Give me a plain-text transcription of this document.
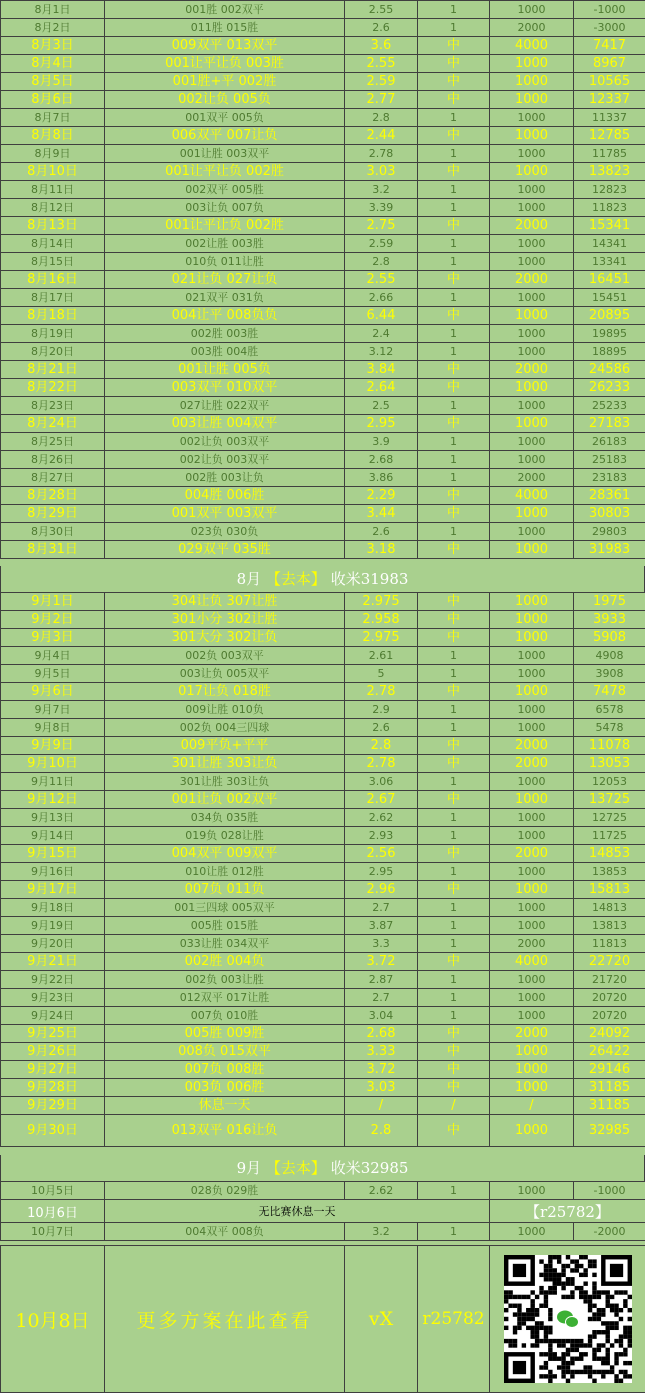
8月1日	001胜 002双平	2.55	1	1000	-1000
8月2日	011胜 015胜	2.6	1	2000	-3000
8月3日	009双平 013双平	3.6	中	4000	7417
8月4日	001让平让负 003胜	2.55	中	1000	8967
8月5日	001胜+平 002胜	2.59	中	1000	10565
8月6日	002让负 005负	2.77	中	1000	12337
8月7日	001双平 005负	2.8	1	1000	11337
8月8日	006双平 007让负	2.44	中	1000	12785
8月9日	001让胜 003双平	2.78	1	1000	11785
8月10日	001让平让负 002胜	3.03	中	1000	13823
8月11日	002双平 005胜	3.2	1	1000	12823
8月12日	003让负 007负	3.39	1	1000	11823
8月13日	001让平让负 002胜	2.75	中	2000	15341
8月14日	002让胜 003胜	2.59	1	1000	14341
8月15日	010负 011让胜	2.8	1	1000	13341
8月16日	021让负 027让负	2.55	中	2000	16451
8月17日	021双平 031负	2.66	1	1000	15451
8月18日	004让平 008负负	6.44	中	1000	20895
8月19日	002胜 003胜	2.4	1	1000	19895
8月20日	003胜 004胜	3.12	1	1000	18895
8月21日	001让胜 005负	3.84	中	2000	24586
8月22日	003双平 010双平	2.64	中	1000	26233
8月23日	027让胜 022双平	2.5	1	1000	25233
8月24日	003让胜 004双平	2.95	中	1000	27183
8月25日	002让负 003双平	3.9	1	1000	26183
8月26日	002让负 003双平	2.68	1	1000	25183
8月27日	002胜 003让负	3.86	1	2000	23183
8月28日	004胜 006胜	2.29	中	4000	28361
8月29日	001双平 003双平	3.44	中	1000	30803
8月30日	023负 030负	2.6	1	1000	29803
8月31日	029双平 035胜	3.18	中	1000	31983
8月 【去本】 收米31983
9月1日	304让负 307让胜	2.975	中	1000	1975
9月2日	301小分 302让胜	2.958	中	1000	3933
9月3日	301大分 302让负	2.975	中	1000	5908
9月4日	002负 003双平	2.61	1	1000	4908
9月5日	003让负 005双平	5	1	1000	3908
9月6日	017让负 018胜	2.78	中	1000	7478
9月7日	009让胜 010负	2.9	1	1000	6578
9月8日	002负 004三四球	2.6	1	1000	5478
9月9日	009平负+平平	2.8	中	2000	11078
9月10日	301让胜 303让负	2.78	中	2000	13053
9月11日	301让胜 303让负	3.06	1	1000	12053
9月12日	001让负 002双平	2.67	中	1000	13725
9月13日	034负 035胜	2.62	1	1000	12725
9月14日	019负 028让胜	2.93	1	1000	11725
9月15日	004双平 009双平	2.56	中	2000	14853
9月16日	010让胜 012胜	2.95	1	1000	13853
9月17日	007负 011负	2.96	中	1000	15813
9月18日	001三四球 005双平	2.7	1	1000	14813
9月19日	005胜 015胜	3.87	1	1000	13813
9月20日	033让胜 034双平	3.3	1	2000	11813
9月21日	002胜 004负	3.72	中	4000	22720
9月22日	002负 003让胜	2.87	1	1000	21720
9月23日	012双平 017让胜	2.7	1	1000	20720
9月24日	007负 010胜	3.04	1	1000	20720
9月25日	005胜 009胜	2.68	中	2000	24092
9月26日	008负 015双平	3.33	中	1000	26422
9月27日	007负 008胜	3.72	中	1000	29146
9月28日	003负 006胜	3.03	中	1000	31185
9月29日	休息一天	/	/	/	31185
9月30日	013双平 016让负	2.8	中	1000	32985
9月 【去本】 收米32985
10月5日	028负 029胜	2.62	1	1000	-1000
10月6日	无比赛休息一天			【r25782】	
10月7日	004双平 008负	3.2	1	1000	-2000
10月8日	更多方案在此查看	vX	r25782	
